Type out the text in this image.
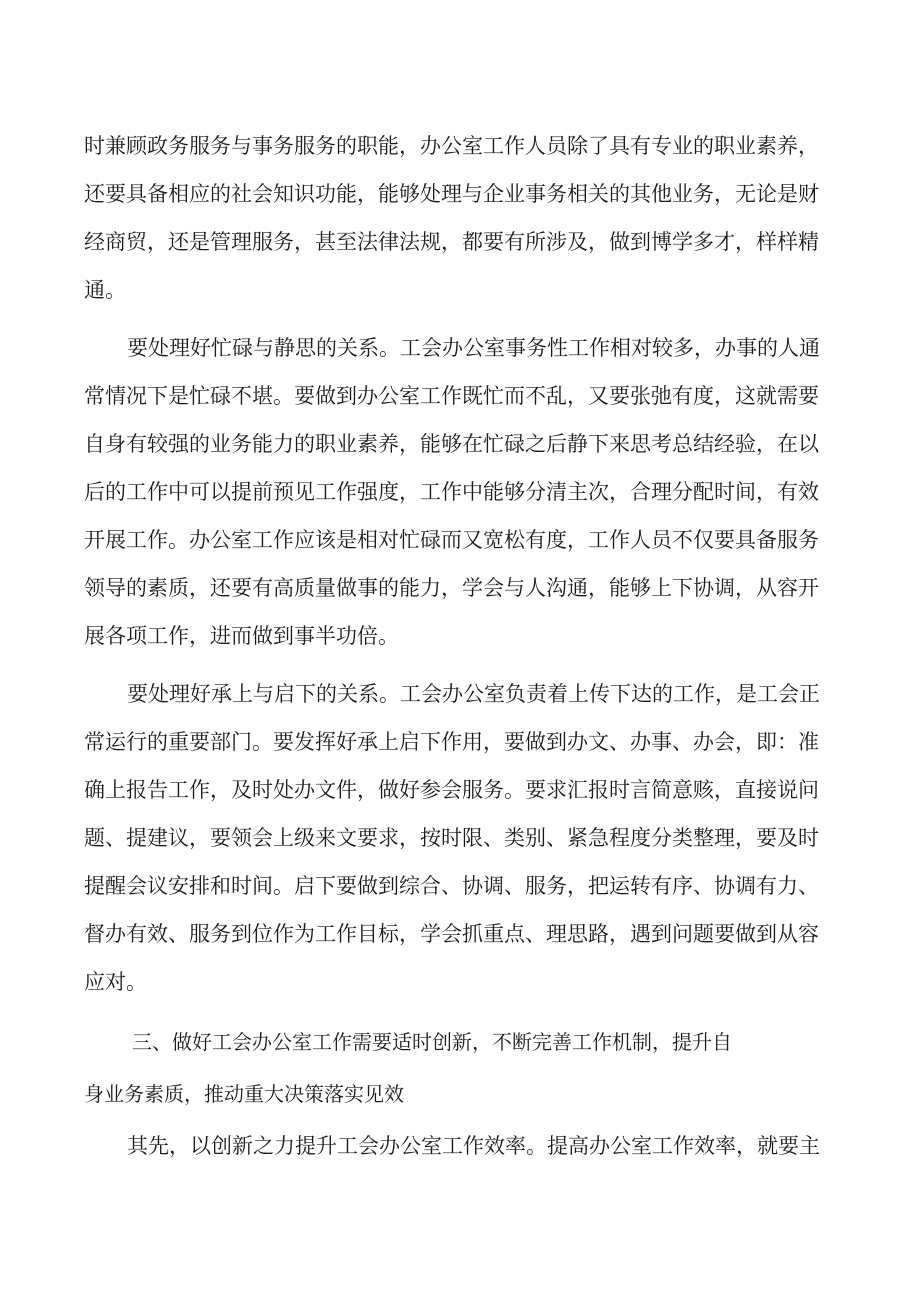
时兼顾政务服务与事务服务的职能，办公室工作人员除了具有专业的职业素养，
还要具备相应的社会知识功能，能够处理与企业事务相关的其他业务，无论是财
经商贸，还是管理服务，甚至法律法规，都要有所涉及，做到博学多才，样样精
通。
要处理好忙碌与静思的关系。工会办公室事务性工作相对较多，办事的人通
常情况下是忙碌不堪。要做到办公室工作既忙而不乱，又要张弛有度，这就需要
自身有较强的业务能力的职业素养，能够在忙碌之后静下来思考总结经验，在以
后的工作中可以提前预见工作强度，工作中能够分清主次，合理分配时间，有效
开展工作。办公室工作应该是相对忙碌而又宽松有度，工作人员不仅要具备服务
领导的素质，还要有高质量做事的能力，学会与人沟通，能够上下协调，从容开
展各项工作，进而做到事半功倍。
要处理好承上与启下的关系。工会办公室负责着上传下达的工作，是工会正
常运行的重要部门。要发挥好承上启下作用，要做到办文、办事、办会，即：准
确上报告工作，及时处办文件，做好参会服务。要求汇报时言简意赅，直接说问
题、提建议，要领会上级来文要求，按时限、类别、紧急程度分类整理，要及时
提醒会议安排和时间。启下要做到综合、协调、服务，把运转有序、协调有力、
督办有效、服务到位作为工作目标，学会抓重点、理思路，遇到问题要做到从容
应对。
三、做好工会办公室工作需要适时创新，不断完善工作机制，提升自
身业务素质，推动重大决策落实见效
其先，以创新之力提升工会办公室工作效率。提高办公室工作效率，就要主
